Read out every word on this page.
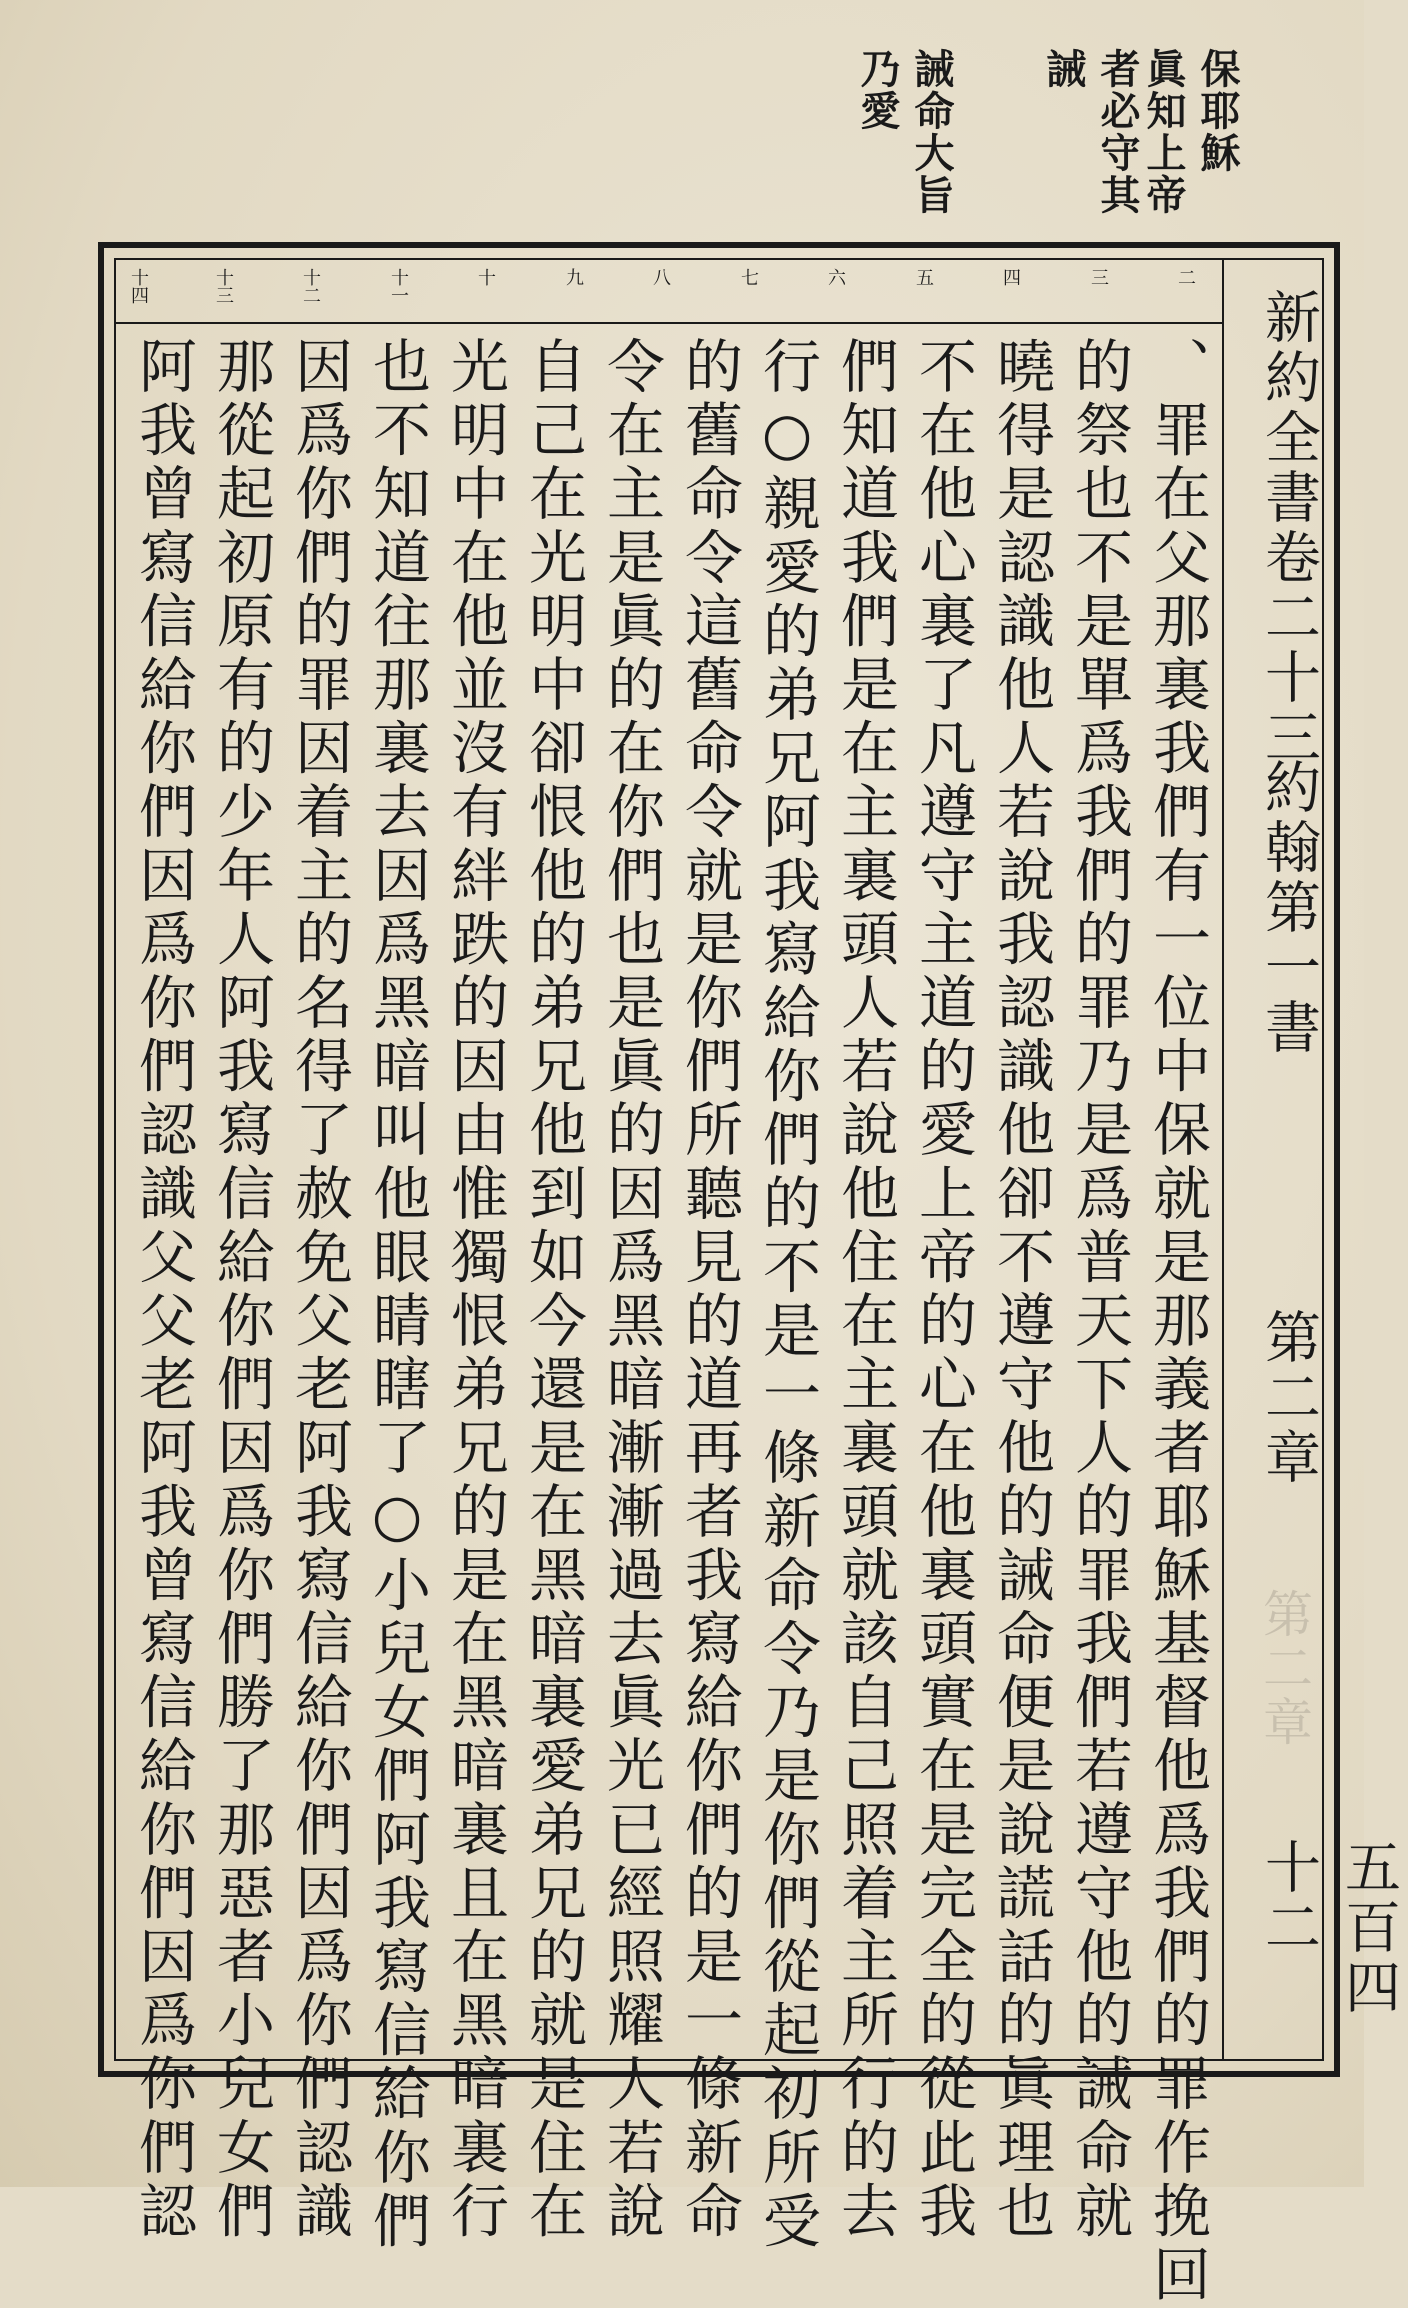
保耶穌
眞知上帝者必守其
誡
誡命大旨
乃愛
新約全書卷二十三
約翰第一書
第二章
第二章
五百四十二
二
三
四
五
六
七
八
九
十
十一
十二
十三
十四
、罪在父那裏我們有一位中保就是那義者耶穌基督他爲我們的罪作挽回
的祭也不是單爲我們的罪乃是爲普天下人的罪我們若遵守他的誡命就
曉得是認識他人若說我認識他卻不遵守他的誡命便是說謊話的眞理也
不在他心裏了凡遵守主道的愛上帝的心在他裏頭實在是完全的從此我
們知道我們是在主裏頭人若說他住在主裏頭就該自己照着主所行的去
行○親愛的弟兄阿我寫給你們的不是一條新命令乃是你們從起初所受
的舊命令這舊命令就是你們所聽見的道再者我寫給你們的是一條新命
令在主是眞的在你們也是眞的因爲黑暗漸漸過去眞光已經照耀人若說
自己在光明中卻恨他的弟兄他到如今還是在黑暗裏愛弟兄的就是住在
光明中在他並沒有絆跌的因由惟獨恨弟兄的是在黑暗裏且在黑暗裏行
也不知道往那裏去因爲黑暗叫他眼睛瞎了○小兒女們阿我寫信給你們
因爲你們的罪因着主的名得了赦免父老阿我寫信給你們因爲你們認識
那從起初原有的少年人阿我寫信給你們因爲你們勝了那惡者小兒女們
阿我曾寫信給你們因爲你們認識父父老阿我曾寫信給你們因爲你們認
